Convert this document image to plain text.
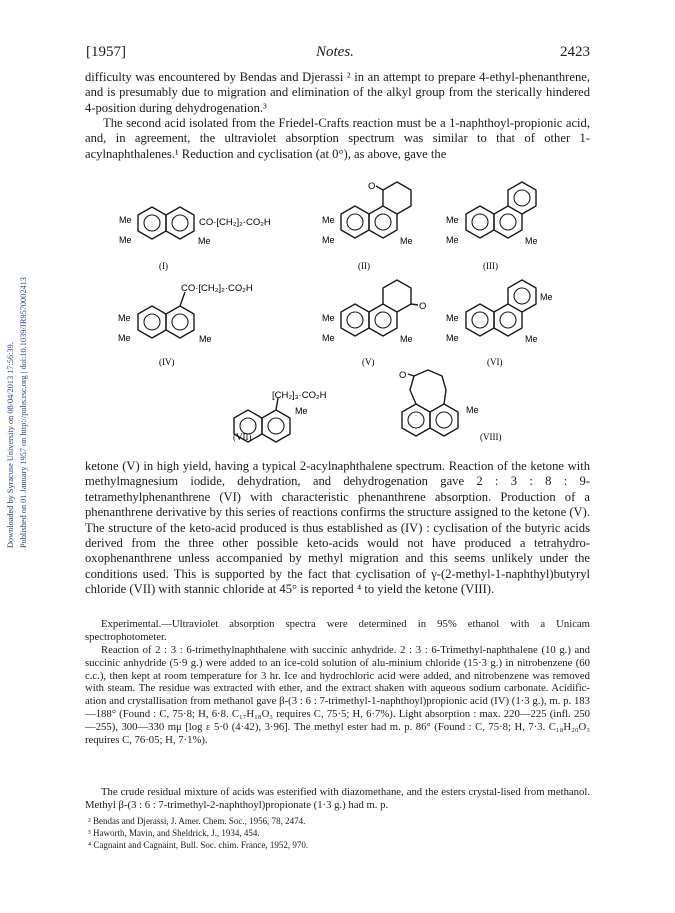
Downloaded by Syracuse University on 08/04/2013 17:56:39. Published on 01 January 1957 on http://pubs.rsc.org | doi:10.1039/JR9570002413
[1957]	Notes.	2423

difficulty was encountered by Bendas and Djerassi ² in an attempt to prepare 4-ethyl-phenanthrene, and is presumably due to migration and elimination of the alkyl group from the sterically hindered 4-position during dehydrogenation.³

The second acid isolated from the Friedel-Crafts reaction must be a 1-naphthoyl-propionic acid, and, in agreement, the ultraviolet absorption spectrum was similar to that of other 1-acylnaphthalenes.¹ Reduction and cyclisation (at 0°), as above, gave the

Me
Me	Me
CO·[CH₂]₂·CO₂H
(I)
Me
Me	Me
O
(II)
Me
Me	Me
(III)
Me
Me	Me
CO·[CH₂]₂·CO₂H
(IV)
Me
Me	Me
O
(V)
Me
Me	Me
Me
(VI)
[CH₂]₃·CO₂H
Me
(VII)
O
Me
(VIII)

ketone (V) in high yield, having a typical 2-acylnaphthalene spectrum. Reaction of the ketone with methylmagnesium iodide, dehydration, and dehydrogenation gave 2 : 3 : 8 : 9-tetramethylphenanthrene (VI) with characteristic phenanthrene absorption. Production of a phenanthrene derivative by this series of reactions confirms the structure assigned to the ketone (V). The structure of the keto-acid produced is thus established as (IV) : cyclisation of the butyric acids derived from the three other possible keto-acids would not have produced a tetrahydro-oxophenanthrene unless accompanied by methyl migration and this seems unlikely under the conditions used. This is supported by the fact that cyclisation of γ-(2-methyl-1-naphthyl)butyryl chloride (VII) with stannic chloride at 45° is reported ⁴ to yield the ketone (VIII).

Experimental.—Ultraviolet absorption spectra were determined in 95% ethanol with a Unicam spectrophotometer.

Reaction of 2 : 3 : 6-trimethylnaphthalene with succinic anhydride. 2 : 3 : 6-Trimethyl-naphthalene (10 g.) and succinic anhydride (5·9 g.) were added to an ice-cold solution of alu-minium chloride (15·3 g.) in nitrobenzene (60 c.c.), then kept at room temperature for 3 hr. Ice and hydrochloric acid were added, and nitrobenzene was removed with steam. The residue was extracted with ether, and the extract shaken with aqueous sodium carbonate. Acidific-ation and crystallisation from methanol gave β-(3 : 6 : 7-trimethyl-1-naphthoyl)propionic acid (IV) (1·3 g.), m. p. 183—188° (Found : C, 75·8; H, 6·8. C₁₇H₁₈O₃ requires C, 75·5; H, 6·7%). Light absorption : max. 220—225 (infl. 250—255), 300—330 mμ [log ε 5·0 (4·42), 3·96]. The methyl ester had m. p. 86° (Found : C, 75·8; H, 7·3. C₁₈H₂₀O₃ requires C, 76·05; H, 7·1%).

The crude residual mixture of acids was esterified with diazomethane, and the esters crystal-lised from methanol. Methyl β-(3 : 6 : 7-trimethyl-2-naphthoyl)propionate (1·3 g.) had m. p.

² Bendas and Djerassi, J. Amer. Chem. Soc., 1956, 78, 2474.
³ Haworth, Mavin, and Sheldrick, J., 1934, 454.
⁴ Cagnaint and Cagnaint, Bull. Soc. chim. France, 1952, 970.
